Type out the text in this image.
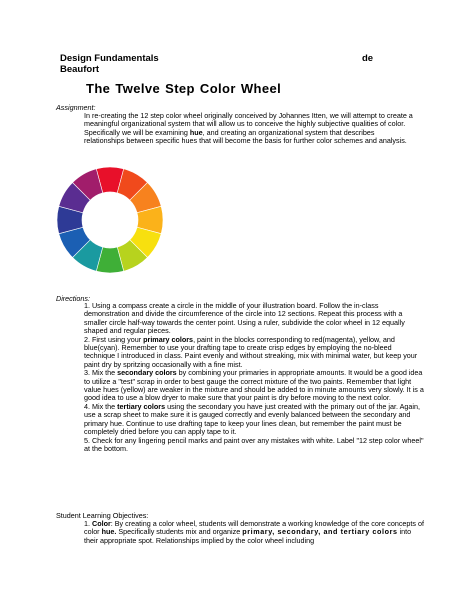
Design Fundamentals
Beaufort
de
The Twelve Step Color Wheel
Assignment:
In re-creating the 12 step color wheel originally conceived by Johannes Itten, we will attempt to create a meaningful organizational system that will allow us to conceive the highly subjective qualities of color. Specifically we will be examining hue, and creating an organizational system that describes relationships between specific hues that will become the basis for further color schemes and analysis.
Directions:

1. Using a compass create a circle in the middle of your illustration board. Follow the in-class demonstration and divide the circumference of the circle into 12 sections. Repeat this process with a smaller circle half-way towards the center point. Using a ruler, subdivide the color wheel in 12 equally shaped and regular pieces.

2. First using your primary colors, paint in the blocks corresponding to red(magenta), yellow, and blue(cyan). Remember to use your drafting tape to create crisp edges by employing the no-bleed technique I introduced in class. Paint evenly and without streaking, mix with minimal water, but keep your paint dry by spritzing occasionally with a fine mist.

3. Mix the secondary colors by combining your primaries in appropriate amounts. It would be a good idea to utilize a "test" scrap in order to best gauge the correct mixture of the two paints. Remember that light value hues (yellow) are weaker in the mixture and should be added to in minute amounts very slowly. It is a good idea to use a blow dryer to make sure that your paint is dry before moving to the next color.

4. Mix the tertiary colors using the secondary you have just created with the primary out of the jar. Again, use a scrap sheet to make sure it is gauged correctly and evenly balanced between the secondary and primary hue. Continue to use drafting tape to keep your lines clean, but remember the paint must be completely dried before you can apply tape to it.

5. Check for any lingering pencil marks and paint over any mistakes with white. Label "12 step color wheel" at the bottom.

Student Learning Objectives:

1. Color: By creating a color wheel, students will demonstrate a working knowledge of the core concepts of color hue. Specifically students mix and organize primary, secondary, and tertiary colors into their appropriate spot. Relationships implied by the color wheel including
